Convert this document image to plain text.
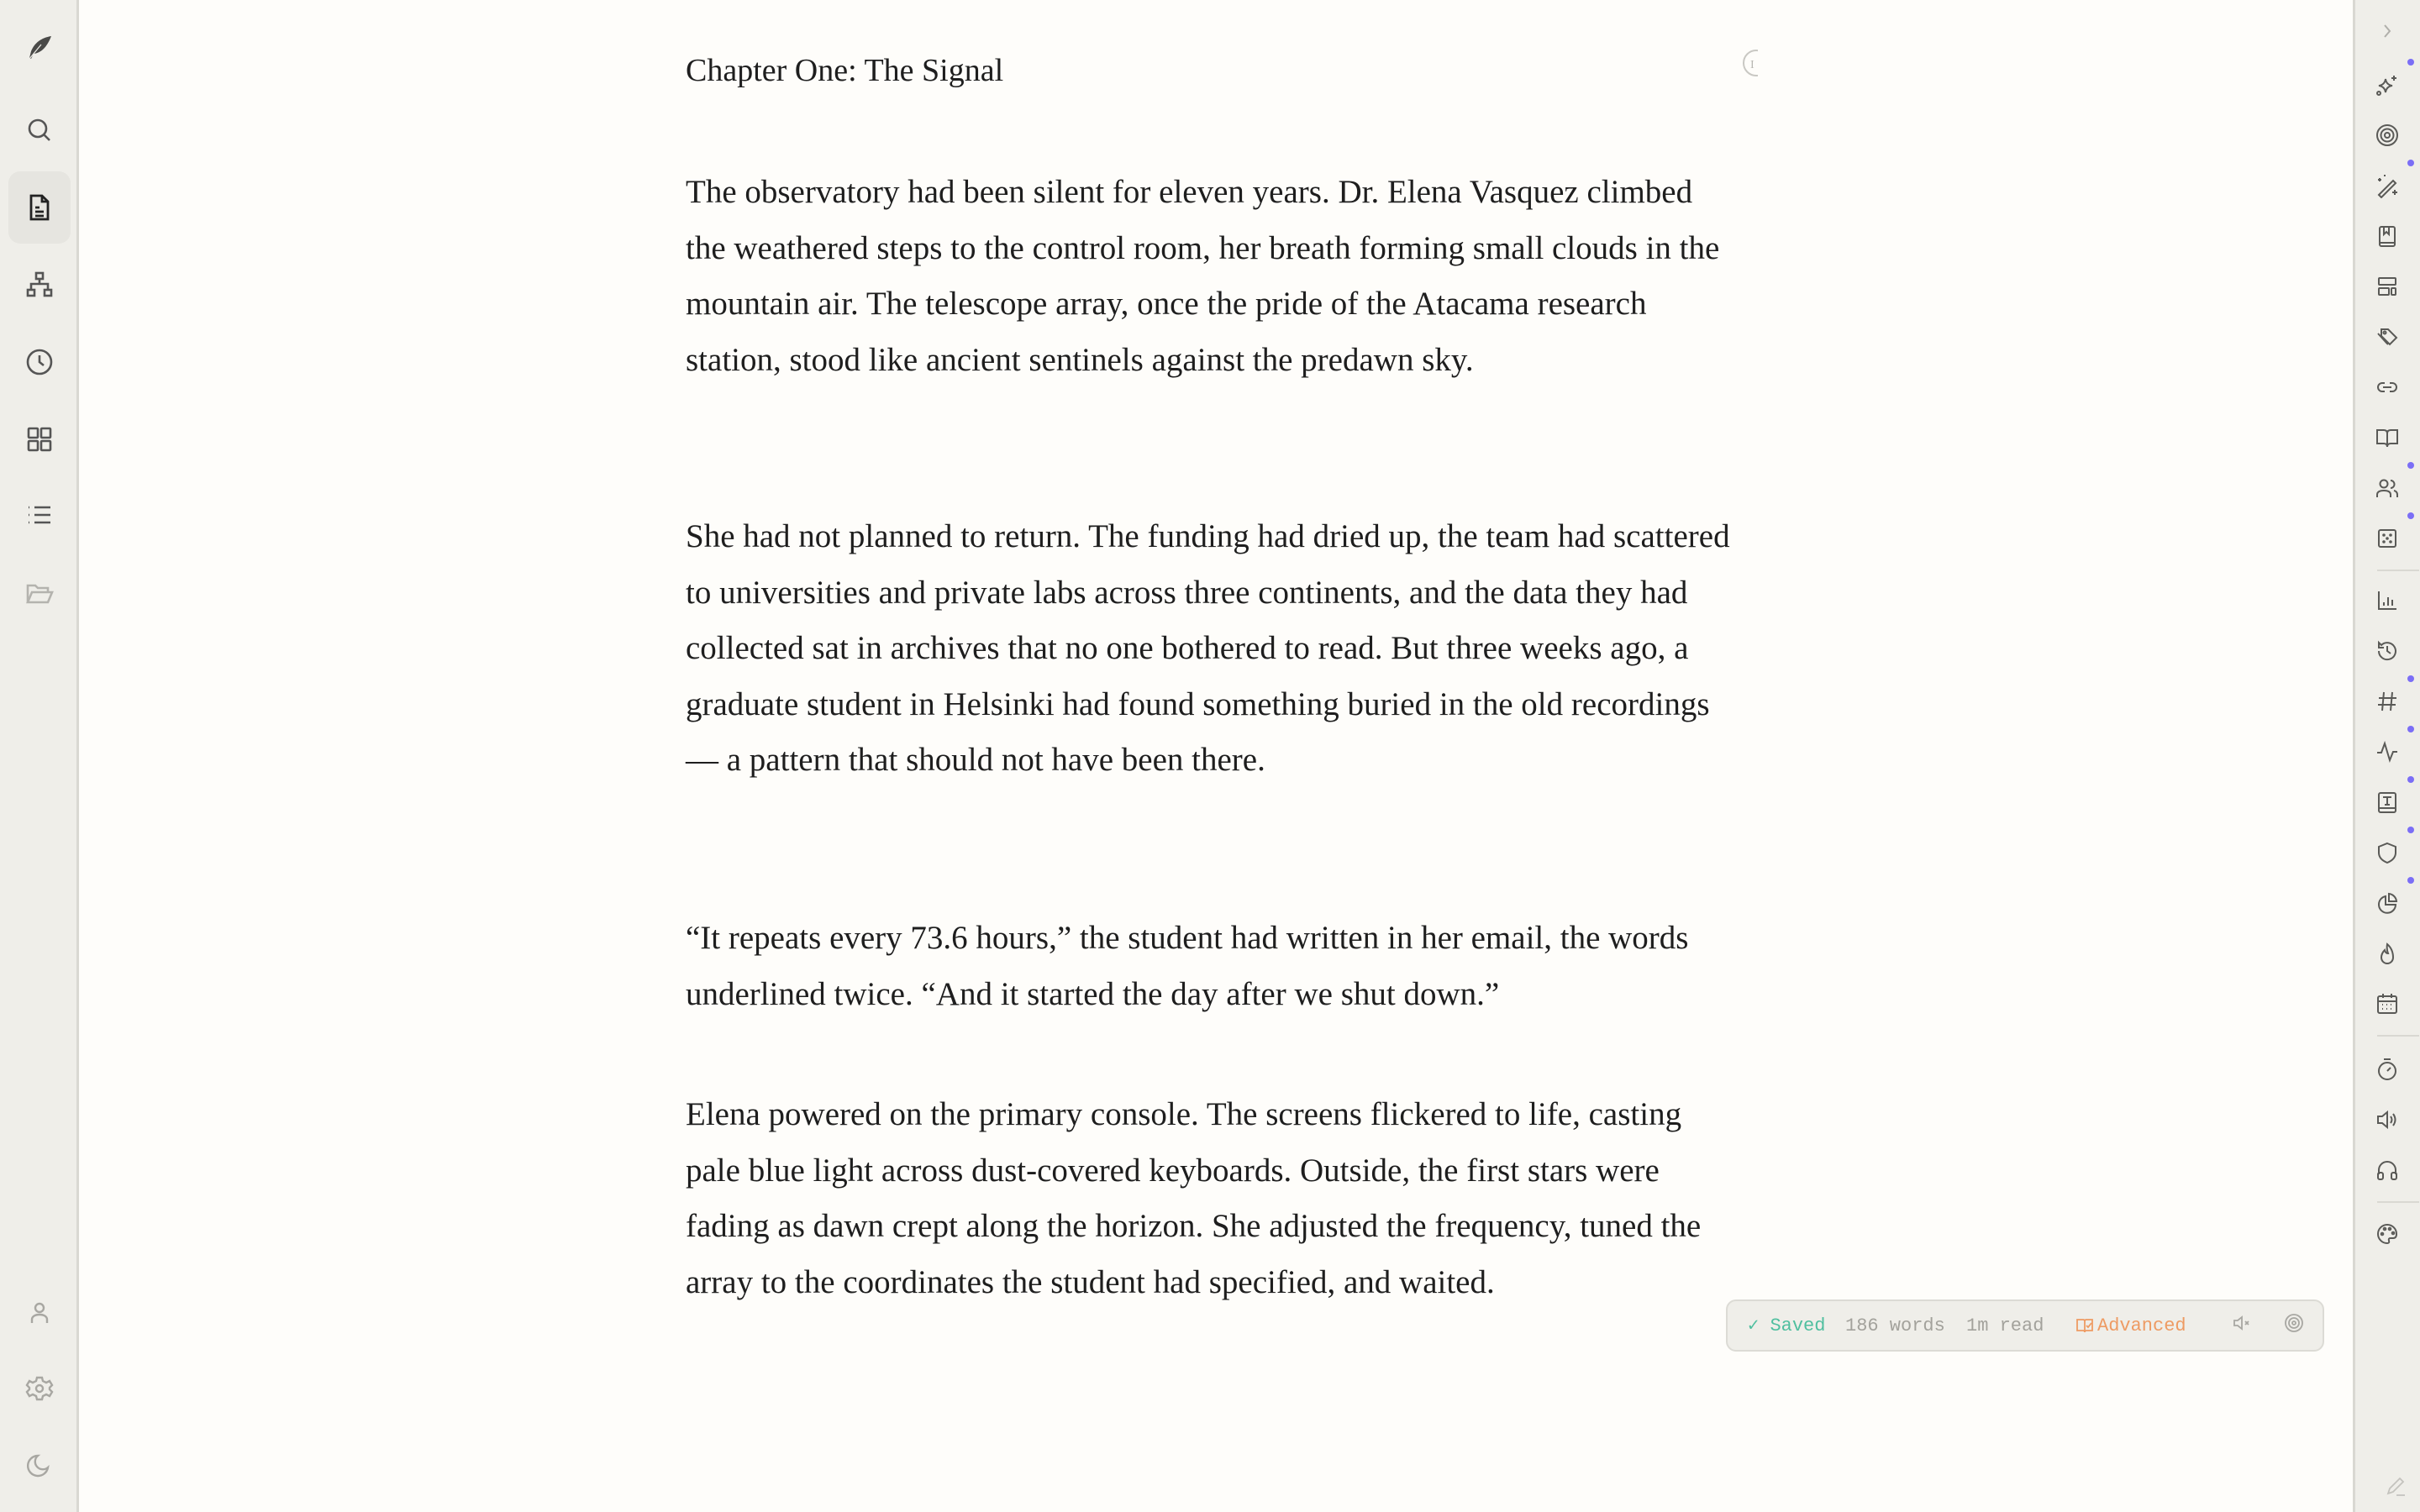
Chapter One: The Signal
The observatory had been silent for eleven years. Dr. Elena Vasquez climbed the weathered steps to the control room, her breath forming small clouds in the mountain air. The telescope array, once the pride of the Atacama research station, stood like ancient sentinels against the predawn sky.
She had not planned to return. The funding had dried up, the team had scattered to universities and private labs across three continents, and the data they had collected sat in archives that no one bothered to read. But three weeks ago, a graduate student in Helsinki had found something buried in the old recordings — a pattern that should not have been there.
“It repeats every 73.6 hours,” the student had written in her email, the words underlined twice. “And it started the day after we shut down.”
Elena powered on the primary console. The screens flickered to life, casting pale blue light across dust-covered keyboards. Outside, the first stars were fading as dawn crept along the horizon. She adjusted the frequency, tuned the array to the coordinates the student had specified, and waited.
I
✓ Saved 186 words 1m read	Advanced
